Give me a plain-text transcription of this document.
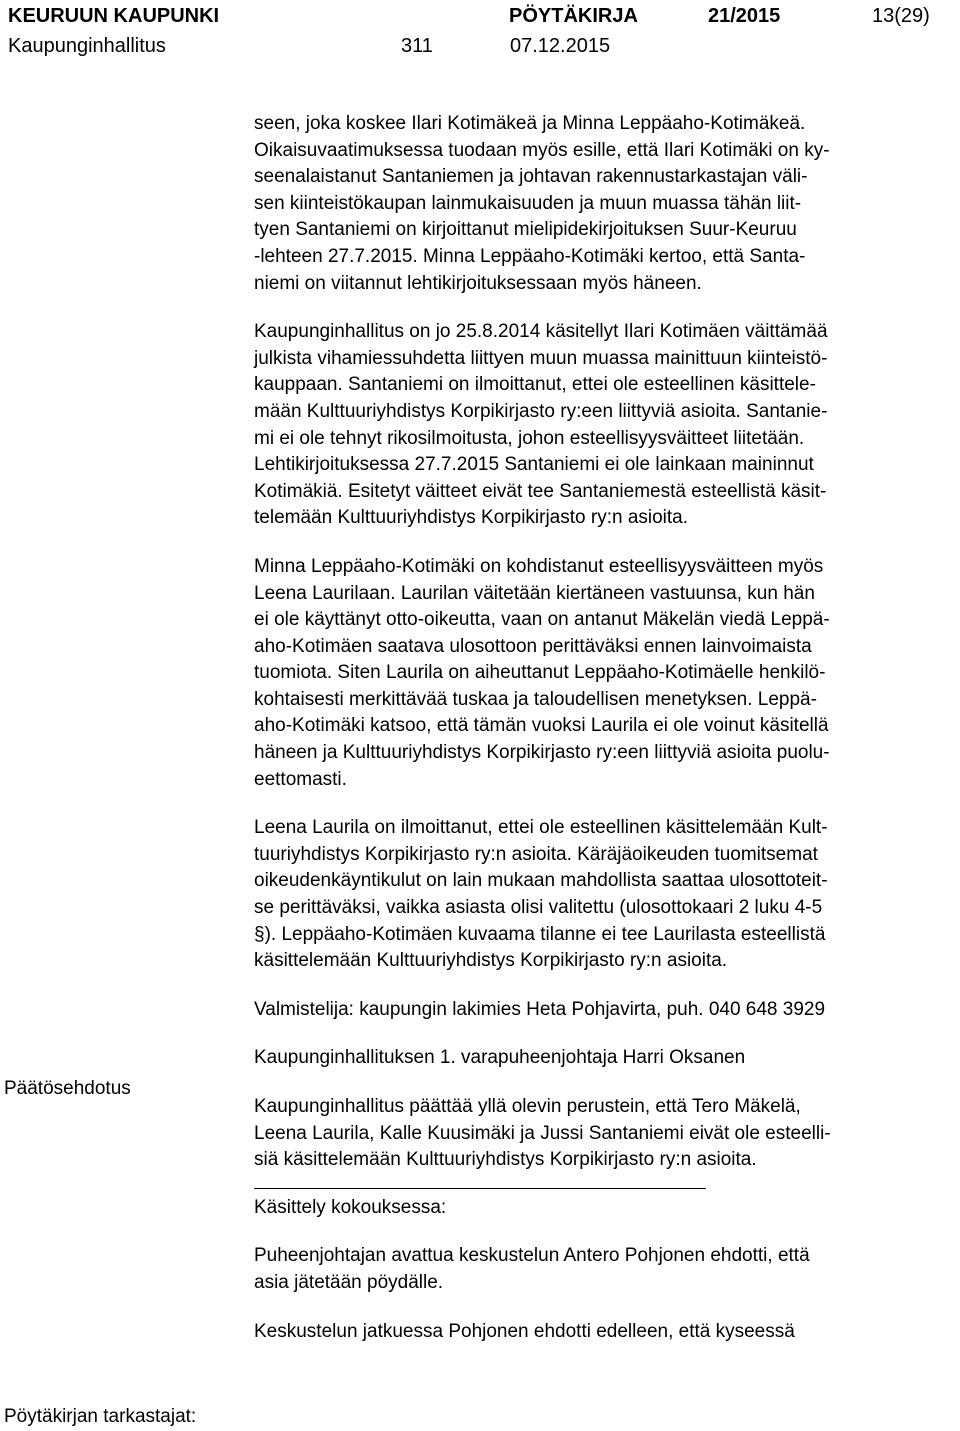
KEURUUN KAUPUNKI	PÖYTÄKIRJA	21/2015	13(29)
Kaupunginhallitus	311	07.12.2015
Päätösehdotus
Pöytäkirjan tarkastajat:

seen, joka koskee Ilari Kotimäkeä ja Minna Leppäaho-Kotimäkeä.
Oikaisuvaatimuksessa tuodaan myös esille, että Ilari Kotimäki on ky-
seenalaistanut Santaniemen ja johtavan rakennustarkastajan väli-
sen kiinteistökaupan lainmukaisuuden ja muun muassa tähän liit-
tyen Santaniemi on kirjoittanut mielipidekirjoituksen Suur-Keuruu
-lehteen 27.7.2015. Minna Leppäaho-Kotimäki kertoo, että Santa-
niemi on viitannut lehtikirjoituksessaan myös häneen.

Kaupunginhallitus on jo 25.8.2014 käsitellyt Ilari Kotimäen väittämää
julkista vihamiessuhdetta liittyen muun muassa mainittuun kiinteistö-
kauppaan. Santaniemi on ilmoittanut, ettei ole esteellinen käsittele-
mään Kulttuuriyhdistys Korpikirjasto ry:een liittyviä asioita. Santanie-
mi ei ole tehnyt rikosilmoitusta, johon esteellisyysväitteet liitetään.
Lehtikirjoituksessa 27.7.2015 Santaniemi ei ole lainkaan maininnut
Kotimäkiä. Esitetyt väitteet eivät tee Santaniemestä esteellistä käsit-
telemään Kulttuuriyhdistys Korpikirjasto ry:n asioita.

Minna Leppäaho-Kotimäki on kohdistanut esteellisyysväitteen myös
Leena Laurilaan. Laurilan väitetään kiertäneen vastuunsa, kun hän
ei ole käyttänyt otto-oikeutta, vaan on antanut Mäkelän viedä Leppä-
aho-Kotimäen saatava ulosottoon perittäväksi ennen lainvoimaista
tuomiota. Siten Laurila on aiheuttanut Leppäaho-Kotimäelle henkilö-
kohtaisesti merkittävää tuskaa ja taloudellisen menetyksen. Leppä-
aho-Kotimäki katsoo, että tämän vuoksi Laurila ei ole voinut käsitellä
häneen ja Kulttuuriyhdistys Korpikirjasto ry:een liittyviä asioita puolu-
eettomasti.

Leena Laurila on ilmoittanut, ettei ole esteellinen käsittelemään Kult-
tuuriyhdistys Korpikirjasto ry:n asioita. Käräjäoikeuden tuomitsemat
oikeudenkäyntikulut on lain mukaan mahdollista saattaa ulosottoteit-
se perittäväksi, vaikka asiasta olisi valitettu (ulosottokaari 2 luku 4-5
§). Leppäaho-Kotimäen kuvaama tilanne ei tee Laurilasta esteellistä
käsittelemään Kulttuuriyhdistys Korpikirjasto ry:n asioita.

Valmistelija: kaupungin lakimies Heta Pohjavirta, puh. 040 648 3929

Kaupunginhallituksen 1. varapuheenjohtaja Harri Oksanen

Kaupunginhallitus päättää yllä olevin perustein, että Tero Mäkelä,
Leena Laurila, Kalle Kuusimäki ja Jussi Santaniemi eivät ole esteelli-
siä käsittelemään Kulttuuriyhdistys Korpikirjasto ry:n asioita.

Käsittely kokouksessa:

Puheenjohtajan avattua keskustelun Antero Pohjonen ehdotti, että
asia jätetään pöydälle.

Keskustelun jatkuessa Pohjonen ehdotti edelleen, että kyseessä
